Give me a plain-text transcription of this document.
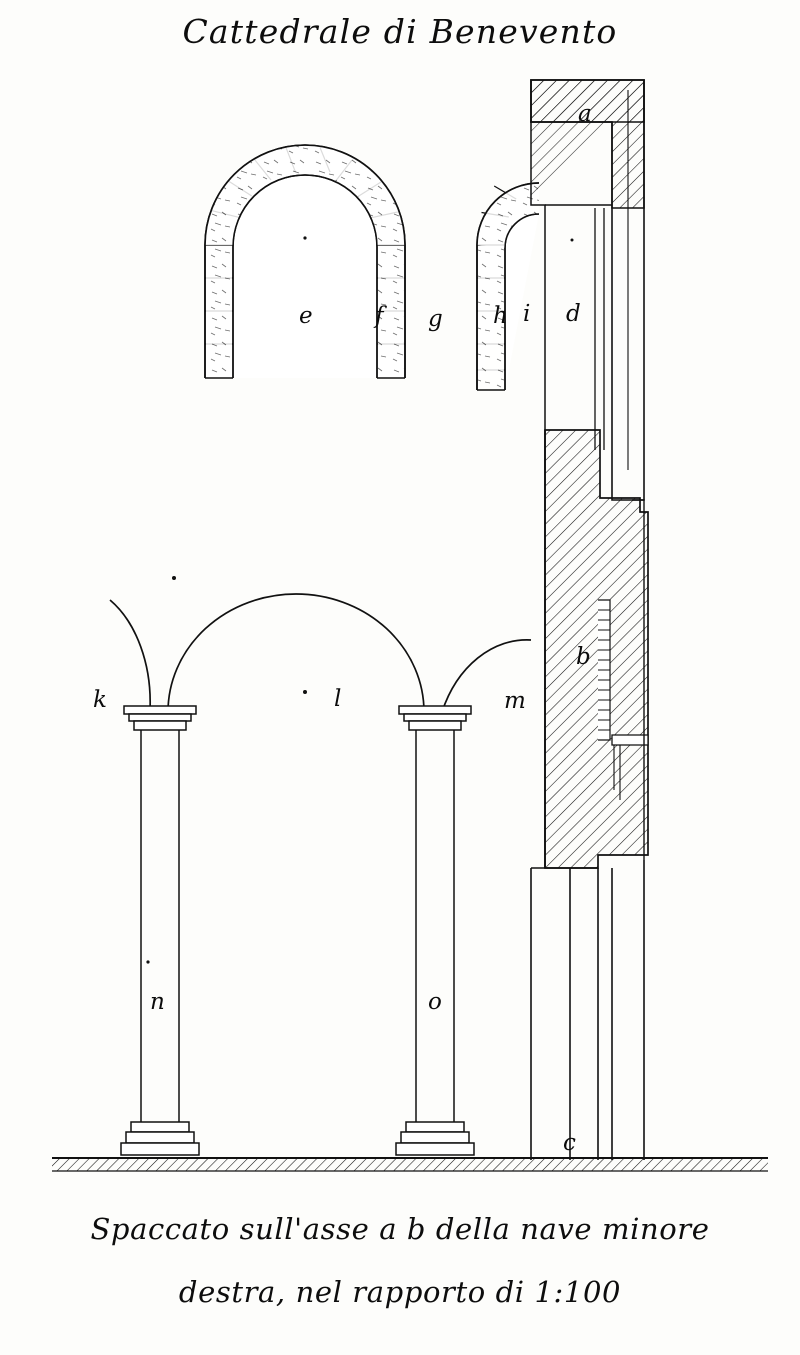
Cattedrale di Benevento
a
b
c
d
e	f g h i
k	l	m
n	o
Spaccato sull'asse a b della nave minore
destra, nel rapporto di 1:100
